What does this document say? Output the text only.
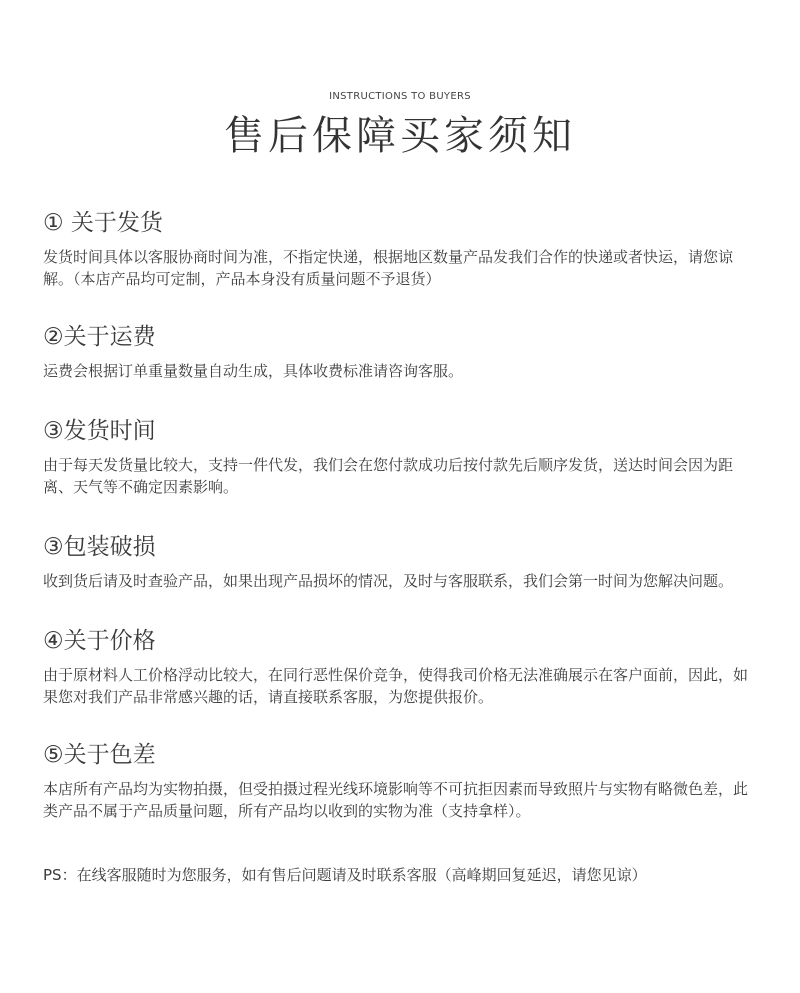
INSTRUCTIONS TO BUYERS
售后保障买家须知
① 关于发货
发货时间具体以客服协商时间为准，不指定快递，根据地区数量产品发我们合作的快递或者快运，请您谅解。（本店产品均可定制，产品本身没有质量问题不予退货）
②关于运费
运费会根据订单重量数量自动生成，具体收费标准请咨询客服。
③发货时间
由于每天发货量比较大，支持一件代发，我们会在您付款成功后按付款先后顺序发货，送达时间会因为距离、天气等不确定因素影响。
③包装破损
收到货后请及时查验产品，如果出现产品损坏的情况，及时与客服联系，我们会第一时间为您解决问题。
④关于价格
由于原材料人工价格浮动比较大，在同行恶性保价竞争，使得我司价格无法准确展示在客户面前，因此，如果您对我们产品非常感兴趣的话，请直接联系客服，为您提供报价。
⑤关于色差
本店所有产品均为实物拍摄，但受拍摄过程光线环境影响等不可抗拒因素而导致照片与实物有略微色差，此类产品不属于产品质量问题，所有产品均以收到的实物为准（支持拿样）。
PS：在线客服随时为您服务，如有售后问题请及时联系客服（高峰期回复延迟，请您见谅）
